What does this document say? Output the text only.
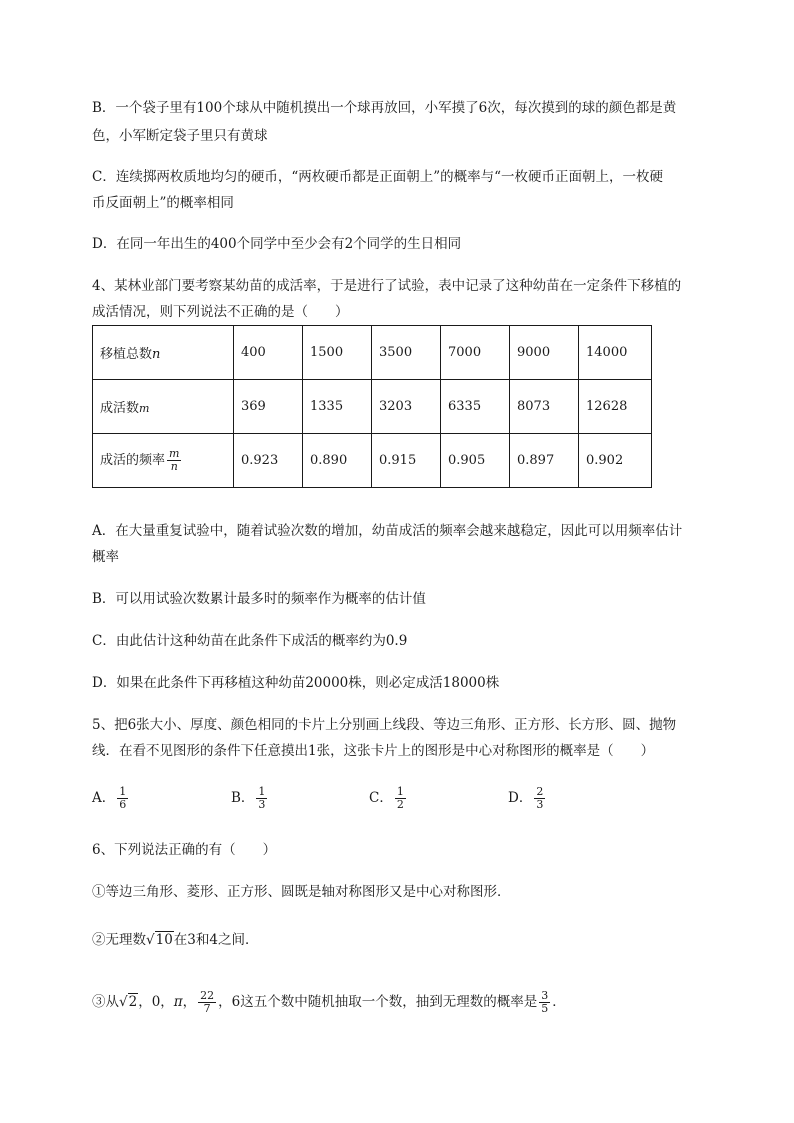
B．一个袋子里有100个球从中随机摸出一个球再放回，小军摸了6次，每次摸到的球的颜色都是黄
色，小军断定袋子里只有黄球
C．连续掷两枚质地均匀的硬币，“两枚硬币都是正面朝上”的概率与“一枚硬币正面朝上，一枚硬
币反面朝上”的概率相同
D．在同一年出生的400个同学中至少会有2个同学的生日相同
4、某林业部门要考察某幼苗的成活率，于是进行了试验，表中记录了这种幼苗在一定条件下移植的
成活情况，则下列说法不正确的是（　　）
移植总数n	400	1500	3500	7000	9000	14000
成活数m	369	1335	3203	6335	8073	12628
成活的频率 $\frac{m}{n}$	0.923	0.890	0.915	0.905	0.897	0.902
A．在大量重复试验中，随着试验次数的增加，幼苗成活的频率会越来越稳定，因此可以用频率估计
概率
B．可以用试验次数累计最多时的频率作为概率的估计值
C．由此估计这种幼苗在此条件下成活的概率约为0.9
D．如果在此条件下再移植这种幼苗20000株，则必定成活18000株
5、把6张大小、厚度、颜色相同的卡片上分别画上线段、等边三角形、正方形、长方形、圆、抛物
线．在看不见图形的条件下任意摸出1张，这张卡片上的图形是中心对称图形的概率是（　　）
A． $\frac{1}{6}$	B． $\frac{1}{3}$	C． $\frac{1}{2}$	D． $\frac{2}{3}$
6、下列说法正确的有（　　）
①等边三角形、菱形、正方形、圆既是轴对称图形又是中心对称图形．
②无理数√10在3和4之间．
③从√2，0，π， $\frac{22}{7}$ ，6这五个数中随机抽取一个数，抽到无理数的概率是 $\frac{3}{5}$ ．
